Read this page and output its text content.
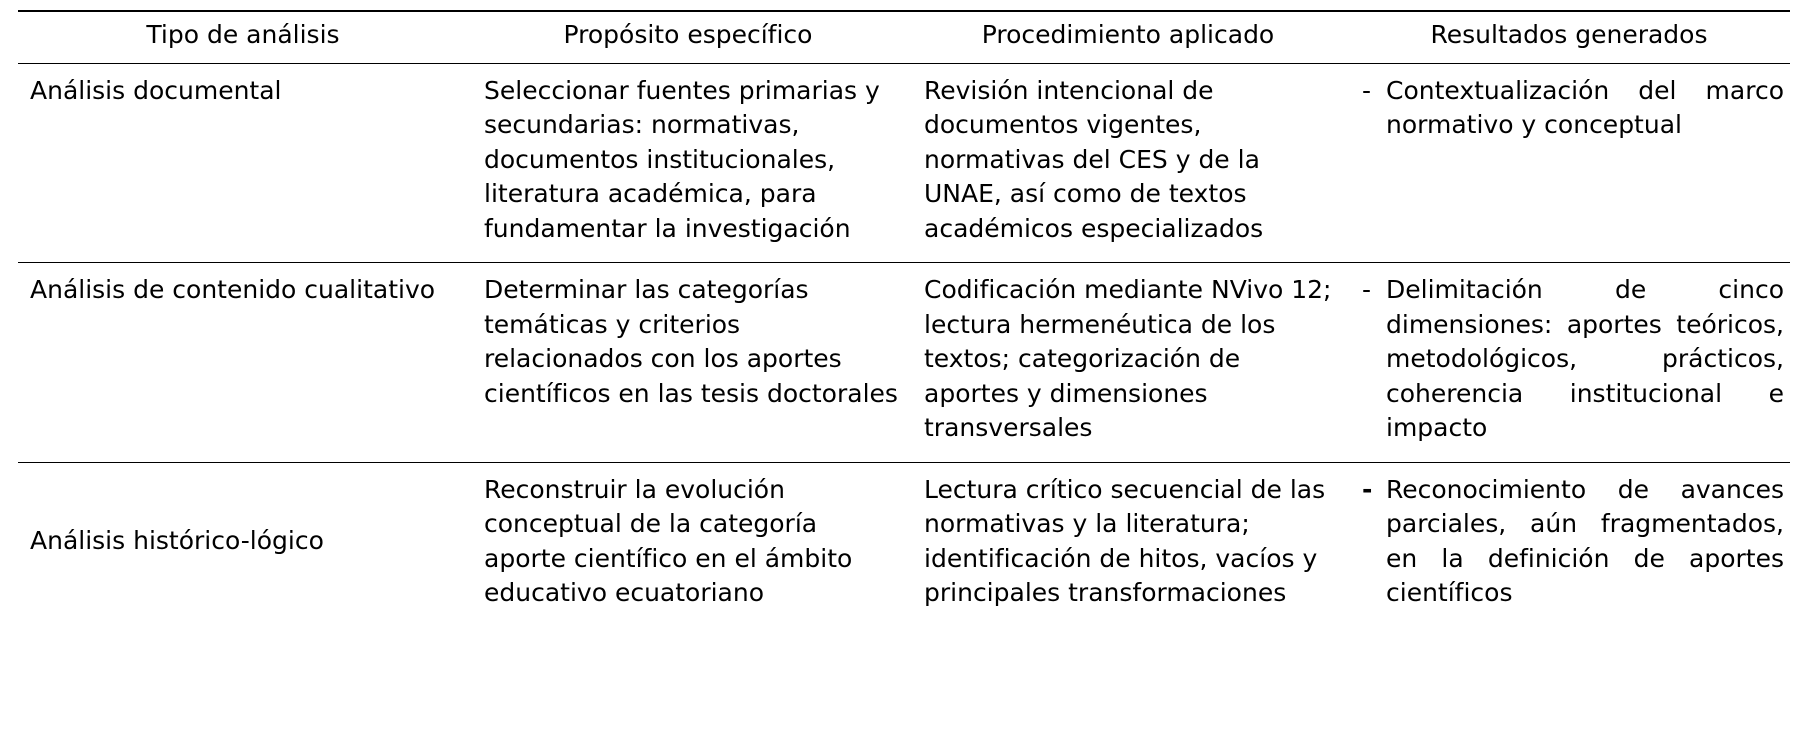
Tipo de análisis	Propósito específico	Procedimiento aplicado	Resultados generados

Análisis documental	Seleccionar fuentes primarias y secundarias: normativas, documentos institucionales, literatura académica, para fundamentar la investigación	Revisión intencional de documentos vigentes, normativas del CES y de la UNAE, así como de textos académicos especializados	- Contextualización del marco normativo y conceptual

Análisis de contenido cualitativo	Determinar las categorías temáticas y criterios relacionados con los aportes científicos en las tesis doctorales	Codificación mediante NVivo 12; lectura hermenéutica de los textos; categorización de aportes y dimensiones transversales	- Delimitación de cinco dimensiones: aportes teóricos, metodológicos, prácticos, coherencia institucional e impacto

Análisis histórico-lógico	Reconstruir la evolución conceptual de la categoría aporte científico en el ámbito educativo ecuatoriano	Lectura crítico secuencial de las normativas y la literatura; identificación de hitos, vacíos y principales transformaciones	- Reconocimiento de avances parciales, aún fragmentados, en la definición de aportes científicos
